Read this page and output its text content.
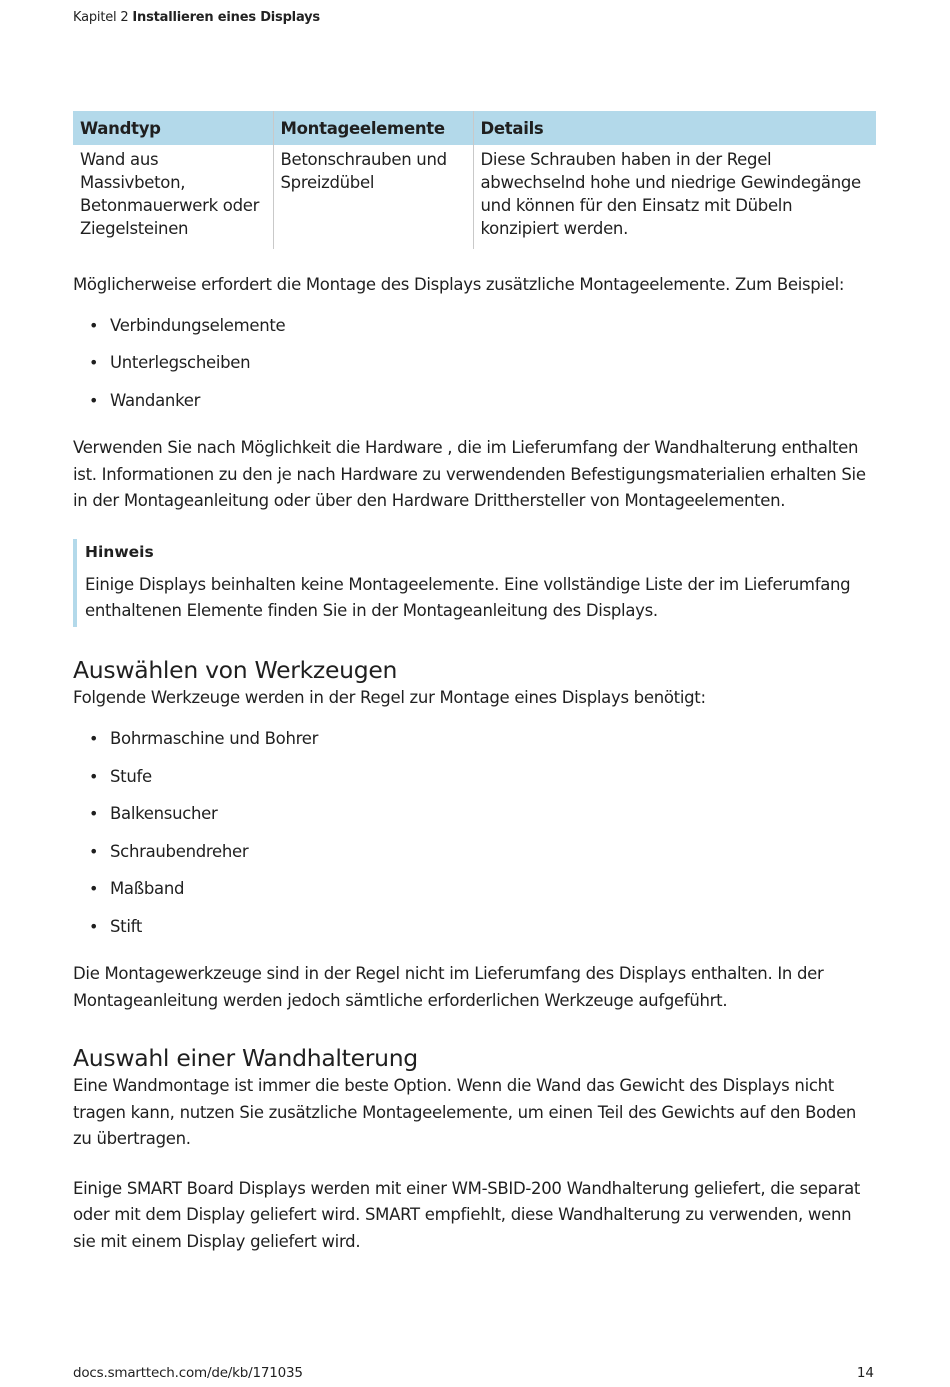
Kapitel 2 Installieren eines Displays
Wandtyp	Montageelemente	Details
Wand aus Massivbeton, Betonmauerwerk oder Ziegelsteinen	Betonschrauben und Spreizdübel	Diese Schrauben haben in der Regel abwechselnd hohe und niedrige Gewindegänge und können für den Einsatz mit Dübeln konzipiert werden.

Möglicherweise erfordert die Montage des Displays zusätzliche Montageelemente. Zum Beispiel:

• Verbindungselemente
• Unterlegscheiben
• Wandanker

Verwenden Sie nach Möglichkeit die Hardware , die im Lieferumfang der Wandhalterung enthalten ist. Informationen zu den je nach Hardware zu verwendenden Befestigungsmaterialien erhalten Sie in der Montageanleitung oder über den Hardware Dritthersteller von Montageelementen.

Hinweis

Einige Displays beinhalten keine Montageelemente. Eine vollständige Liste der im Lieferumfang enthaltenen Elemente finden Sie in der Montageanleitung des Displays.

Auswählen von Werkzeugen

Folgende Werkzeuge werden in der Regel zur Montage eines Displays benötigt:

• Bohrmaschine und Bohrer
• Stufe
• Balkensucher
• Schraubendreher
• Maßband
• Stift

Die Montagewerkzeuge sind in der Regel nicht im Lieferumfang des Displays enthalten. In der Montageanleitung werden jedoch sämtliche erforderlichen Werkzeuge aufgeführt.

Auswahl einer Wandhalterung

Eine Wandmontage ist immer die beste Option. Wenn die Wand das Gewicht des Displays nicht tragen kann, nutzen Sie zusätzliche Montageelemente, um einen Teil des Gewichts auf den Boden zu übertragen.

Einige SMART Board Displays werden mit einer WM-SBID-200 Wandhalterung geliefert, die separat oder mit dem Display geliefert wird. SMART empfiehlt, diese Wandhalterung zu verwenden, wenn sie mit einem Display geliefert wird.

docs.smarttech.com/de/kb/171035	14
